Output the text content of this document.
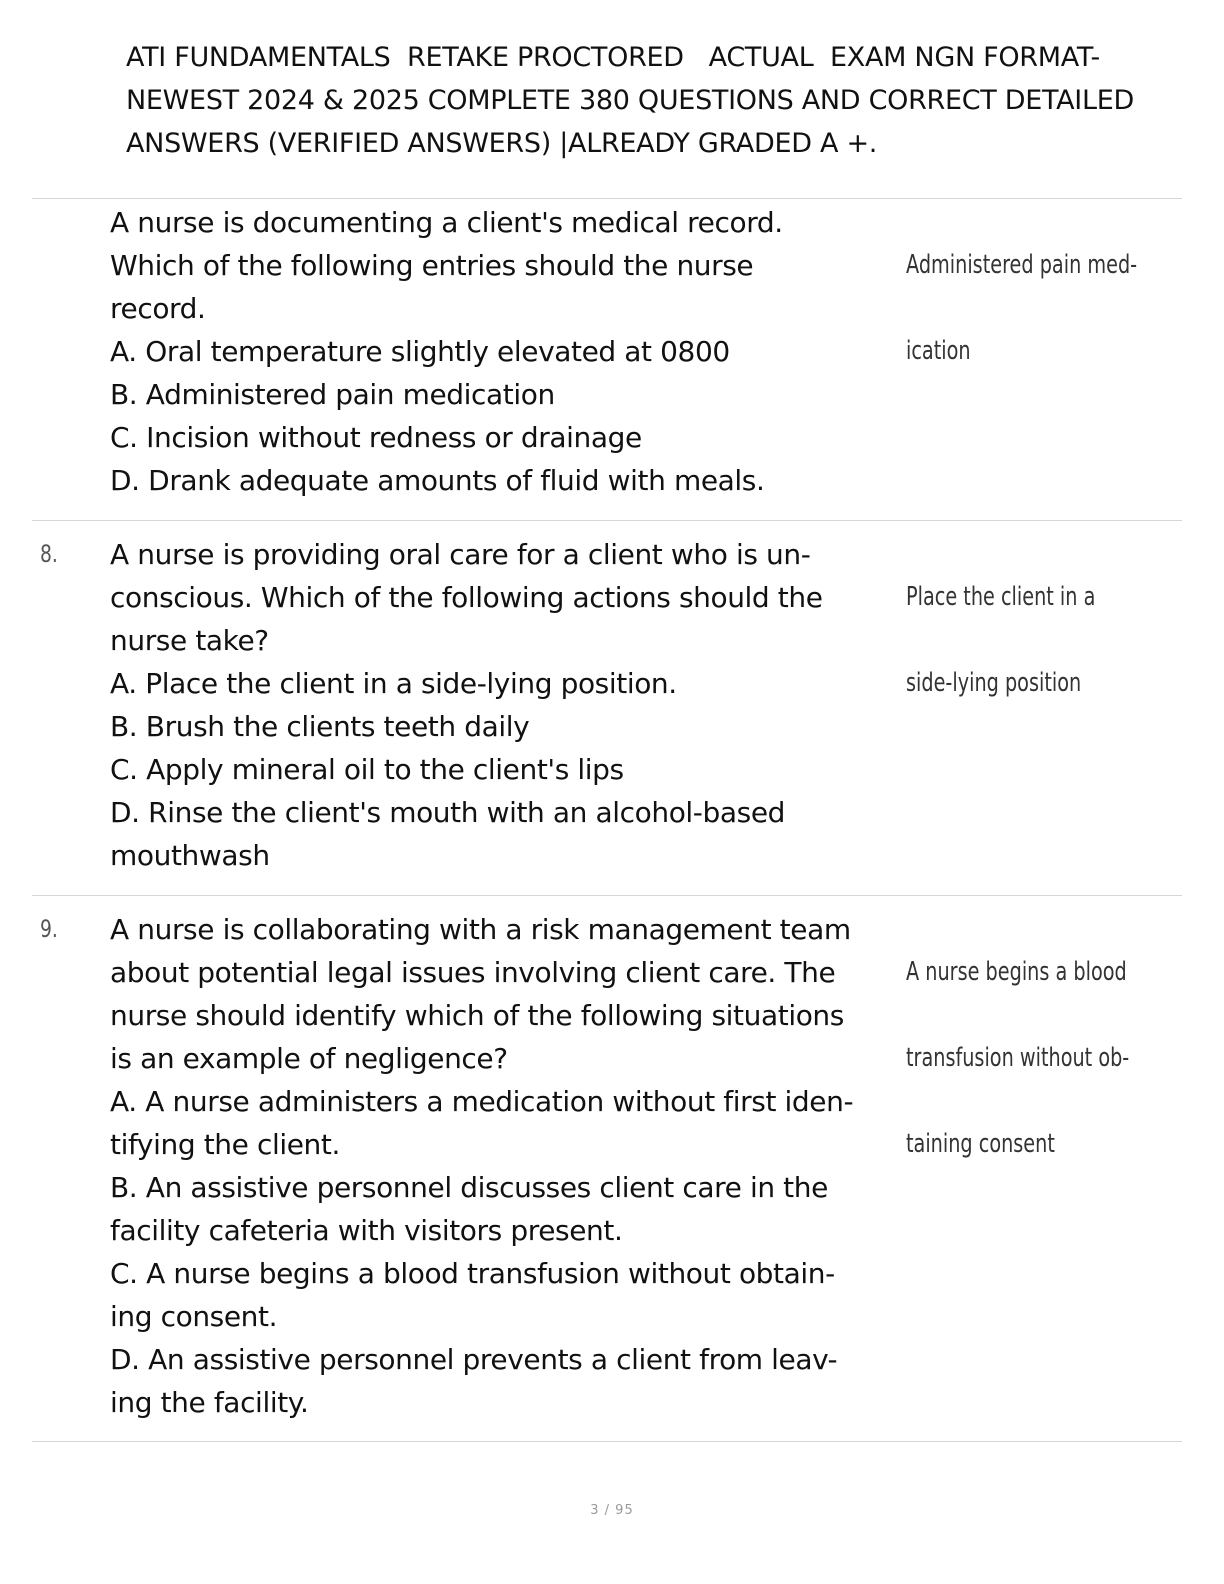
ATI FUNDAMENTALS  RETAKE PROCTORED   ACTUAL  EXAM NGN FORMAT-
NEWEST 2024 & 2025 COMPLETE 380 QUESTIONS AND CORRECT DETAILED
ANSWERS (VERIFIED ANSWERS) |ALREADY GRADED A +.
A nurse is documenting a client's medical record.
Which of the following entries should the nurse
record.
A. Oral temperature slightly elevated at 0800
B. Administered pain medication
C. Incision without redness or drainage
D. Drank adequate amounts of fluid with meals.

Administered pain med-

ication

8. A nurse is providing oral care for a client who is un-
conscious. Which of the following actions should the
nurse take?
A. Place the client in a side-lying position.
B. Brush the clients teeth daily
C. Apply mineral oil to the client's lips
D. Rinse the client's mouth with an alcohol-based
mouthwash

Place the client in a

side-lying position

9. A nurse is collaborating with a risk management team
about potential legal issues involving client care. The
nurse should identify which of the following situations
is an example of negligence?
A. A nurse administers a medication without first iden-
tifying the client.
B. An assistive personnel discusses client care in the
facility cafeteria with visitors present.
C. A nurse begins a blood transfusion without obtain-
ing consent.
D. An assistive personnel prevents a client from leav-
ing the facility.

A nurse begins a blood

transfusion without ob-

taining consent

3 / 95
